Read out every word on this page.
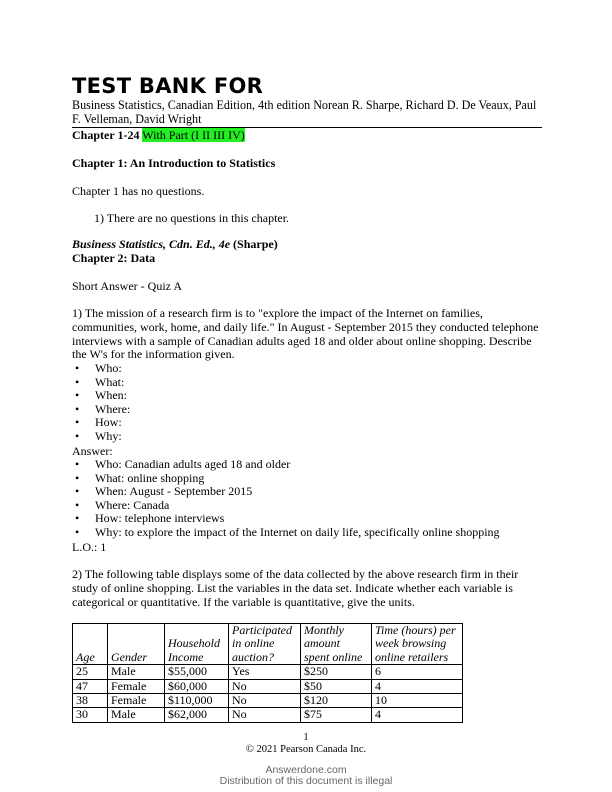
TEST BANK FOR
Business Statistics, Canadian Edition, 4th edition Norean R. Sharpe, Richard D. De Veaux, Paul F. Velleman, David Wright
Chapter 1-24 With Part (I II III IV)
Chapter 1: An Introduction to Statistics
Chapter 1 has no questions.
1) There are no questions in this chapter.
Business Statistics, Cdn. Ed., 4e (Sharpe)
Chapter 2: Data
Short Answer - Quiz A
1) The mission of a research firm is to "explore the impact of the Internet on families, communities, work, home, and daily life." In August - September 2015 they conducted telephone interviews with a sample of Canadian adults aged 18 and older about online shopping. Describe the W's for the information given.
• Who:
• What:
• When:
• Where:
• How:
• Why:
Answer:
• Who: Canadian adults aged 18 and older
• What: online shopping
• When: August - September 2015
• Where: Canada
• How: telephone interviews
• Why: to explore the impact of the Internet on daily life, specifically online shopping
L.O.: 1
2) The following table displays some of the data collected by the above research firm in their study of online shopping. List the variables in the data set. Indicate whether each variable is categorical or quantitative. If the variable is quantitative, give the units.
Age	Gender	Household Income	Participated in online auction?	Monthly amount spent online	Time (hours) per week browsing online retailers
25	Male	$55,000	Yes	$250	6
47	Female	$60,000	No	$50	4
38	Female	$110,000	No	$120	10
30	Male	$62,000	No	$75	4
1
© 2021 Pearson Canada Inc.
Answerdone.com
Distribution of this document is illegal
